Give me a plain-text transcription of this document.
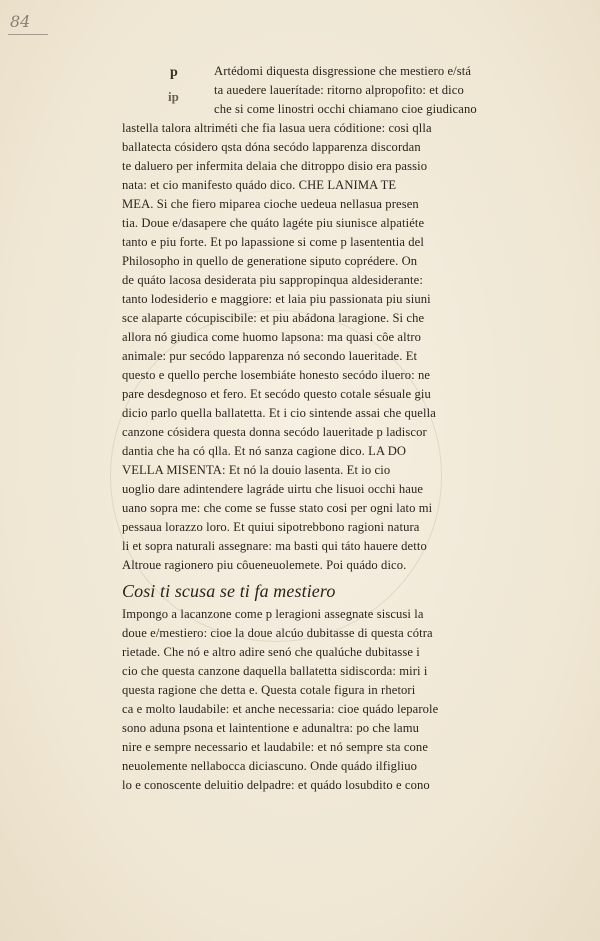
84
p
ip
Artédomi diquesta disgressione che mestiero e/stá
ta auedere lauerítade: ritorno alpropofito: et dico
che si come linostri occhi chiamano cioe giudicano
lastella talora altriméti che fia lasua uera códitione: cosi qlla
ballatecta cósidero qsta dóna secódo lapparenza discordan
te daluero per infermita delaia che ditroppo disio era passio
nata: et cio manifesto quádo dico. CHE LANIMA TE
MEA. Si che fiero miparea cioche uedeua nellasua presen
tia. Doue e/dasapere che quáto lagéte piu siunisce alpatiéte
tanto e piu forte. Et po lapassione si come p lasententia del
Philosopho in quello de generatione siputo coprédere. On
de quáto lacosa desiderata piu sappropinqua aldesiderante:
tanto lodesiderio e maggiore: et laia piu passionata piu siuni
sce alaparte cócupiscibile: et piu abádona laragione. Si che
allora nó giudica come huomo lapsona: ma quasi côe altro
animale: pur secódo lapparenza nó secondo laueritade. Et
questo e quello perche losembiáte honesto secódo iluero: ne
pare desdegnoso et fero. Et secódo questo cotale sésuale giu
dicio parlo quella ballatetta. Et i cio sintende assai che quella
canzone cósidera questa donna secódo laueritade p ladiscor
dantia che ha có qlla. Et nó sanza cagione dico. LA DO
VELLA MISENTA: Et nó la douio lasenta. Et io cio
uoglio dare adintendere lagráde uirtu che lisuoi occhi haue
uano sopra me: che come se fusse stato cosi per ogni lato mi
pessaua lorazzo loro. Et quiui sipotrebbono ragioni natura
li et sopra naturali assegnare: ma basti qui táto hauere detto
Altroue ragionero piu côueneuolemete. Poi quádo dico.
Cosi ti scusa se ti fa mestiero
Impongo a lacanzone come p leragioni assegnate siscusi la
doue e/mestiero: cioe la doue alcúo dubitasse di questa cótra
rietade. Che nó e altro adire senó che qualúche dubitasse i
cio che questa canzone daquella ballatetta sidiscorda: miri i
questa ragione che detta e. Questa cotale figura in rhetori
ca e molto laudabile: et anche necessaria: cioe quádo leparole
sono aduna psona et laintentione e adunaltra: po che lamu
nire e sempre necessario et laudabile: et nó sempre sta cone
neuolemente nellabocca diciascuno. Onde quádo ilfigliuo
lo e conoscente deluitio delpadre: et quádo losubdito e cono
